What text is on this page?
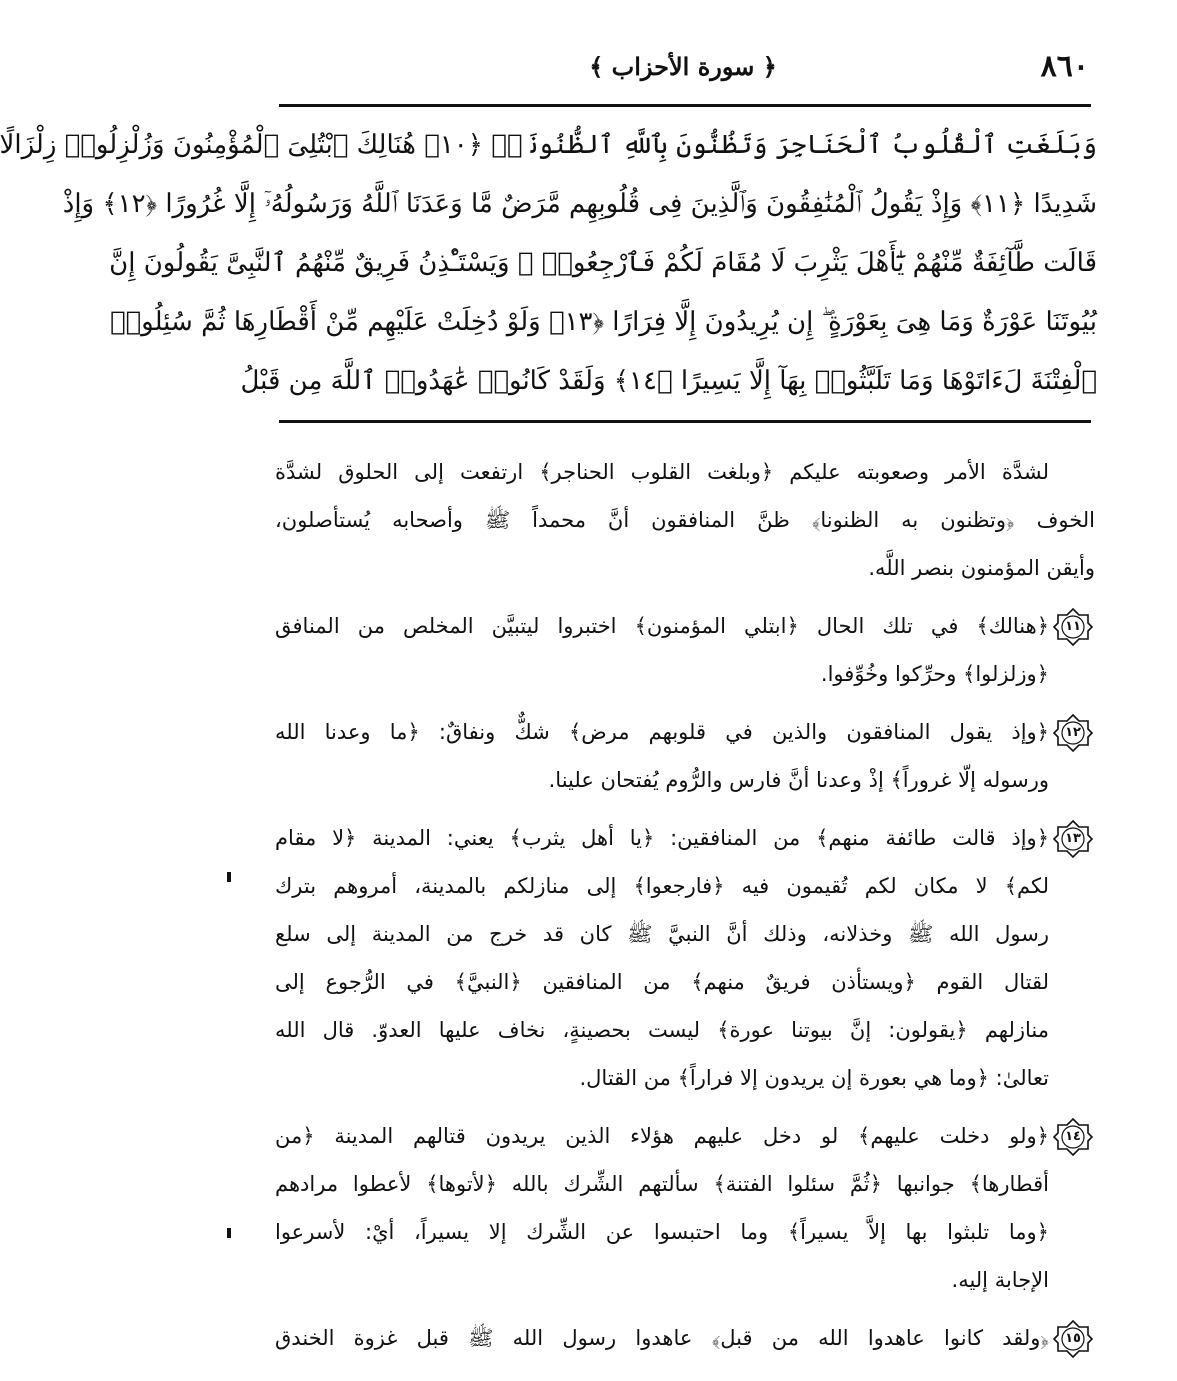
٨٦٠
﴿ سورة الأحزاب ﴾
وَبَلَغَتِ ٱلْقُلُوبُ ٱلْحَنَاجِرَ وَتَظُنُّونَ بِٱللَّهِ ٱلظُّنُونَا۠ ﴿١٠﴾ هُنَالِكَ ٱبْتُلِىَ ٱلْمُؤْمِنُونَ وَزُلْزِلُوا۟ زِلْزَالًا
شَدِيدًا ﴿١١﴾ وَإِذْ يَقُولُ ٱلْمُنَٰفِقُونَ وَٱلَّذِينَ فِى قُلُوبِهِم مَّرَضٌ مَّا وَعَدَنَا ٱللَّهُ وَرَسُولُهُۥٓ إِلَّا غُرُورًا ﴿١٢﴾ وَإِذْ
قَالَت طَّآئِفَةٌ مِّنْهُمْ يَٰٓأَهْلَ يَثْرِبَ لَا مُقَامَ لَكُمْ فَٱرْجِعُوا۟ ۚ وَيَسْتَـْٔذِنُ فَرِيقٌ مِّنْهُمُ ٱلنَّبِىَّ يَقُولُونَ إِنَّ
بُيُوتَنَا عَوْرَةٌ وَمَا هِىَ بِعَوْرَةٍ ۖ إِن يُرِيدُونَ إِلَّا فِرَارًا ﴿١٣﴾ وَلَوْ دُخِلَتْ عَلَيْهِم مِّنْ أَقْطَارِهَا ثُمَّ سُئِلُوا۟
ٱلْفِتْنَةَ لَءَاتَوْهَا وَمَا تَلَبَّثُوا۟ بِهَآ إِلَّا يَسِيرًا ﴿١٤﴾ وَلَقَدْ كَانُوا۟ عَٰهَدُوا۟ ٱللَّهَ مِن قَبْلُ
لشدَّة الأمر وصعوبته عليكم ﴿وبلغت القلوب الحناجر﴾ ارتفعت إلى الحلوق لشدَّة
الخوف ﴿وتظنون به الظنونا﴾ ظنَّ المنافقون أنَّ محمداً ﷺ وأصحابه يُستأصلون،
وأيقن المؤمنون بنصر اللَّه.
١١
﴿هنالك﴾ في تلك الحال ﴿ابتلي المؤمنون﴾ اختبروا ليتبيَّن المخلص من المنافق
﴿وزلزلوا﴾ وحرِّكوا وخُوِّفوا.
١٢
﴿وإذ يقول المنافقون والذين في قلوبهم مرض﴾ شكٌّ ونفاقٌ: ﴿ما وعدنا الله
ورسوله إلّا غروراً﴾ إذْ وعدنا أنَّ فارس والرُّوم يُفتحان علينا.
١٣
﴿وإذ قالت طائفة منهم﴾ من المنافقين: ﴿يا أهل يثرب﴾ يعني: المدينة ﴿لا مقام
لكم﴾ لا مكان لكم تُقيمون فيه ﴿فارجعوا﴾ إلى منازلكم بالمدينة، أمروهم بترك
رسول الله ﷺ وخذلانه، وذلك أنَّ النبيَّ ﷺ كان قد خرج من المدينة إلى سلع
لقتال القوم ﴿ويستأذن فريقٌ منهم﴾ من المنافقين ﴿النبيَّ﴾ في الرُّجوع إلى
منازلهم ﴿يقولون: إنَّ بيوتنا عورة﴾ ليست بحصينةٍ، نخاف عليها العدوّ. قال الله
تعالىٰ: ﴿وما هي بعورة إن يريدون إلا فراراً﴾ من القتال.
١٤
﴿ولو دخلت عليهم﴾ لو دخل عليهم هؤلاء الذين يريدون قتالهم المدينة ﴿من
أقطارها﴾ جوانبها ﴿ثُمَّ سئلوا الفتنة﴾ سألتهم الشِّرك بالله ﴿لأتوها﴾ لأعطوا مرادهم
﴿وما تلبثوا بها إلاَّ يسيراً﴾ وما احتبسوا عن الشِّرك إلا يسيراً، أيْ: لأسرعوا
الإجابة إليه.
١٥
﴿ولقد كانوا عاهدوا الله من قبل﴾ عاهدوا رسول الله ﷺ قبل غزوة الخندق
